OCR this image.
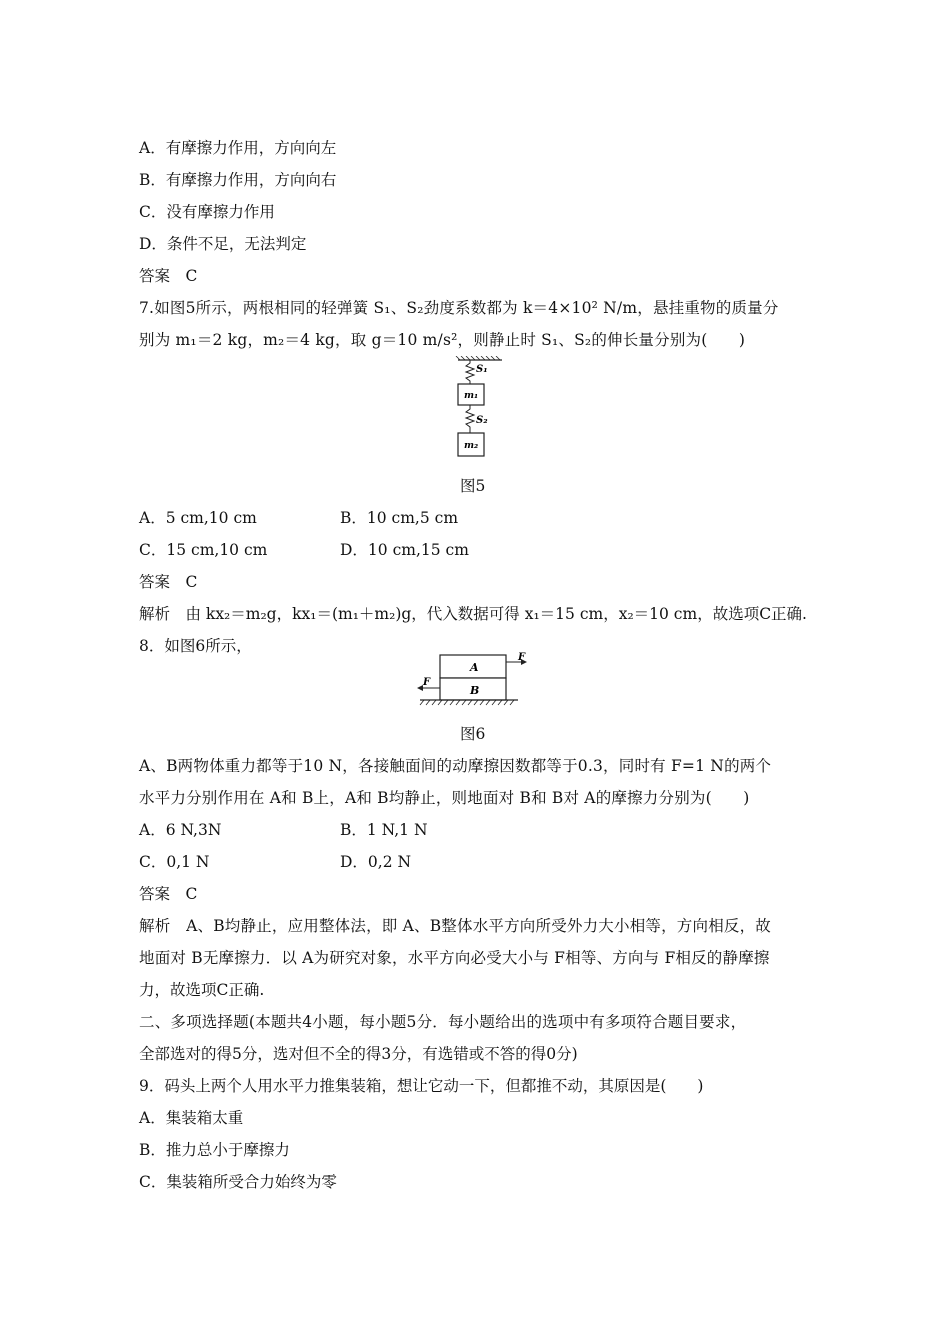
A．有摩擦力作用，方向向左
B．有摩擦力作用，方向向右
C．没有摩擦力作用
D．条件不足，无法判定
答案　C
7.如图5所示，两根相同的轻弹簧 S₁、S₂劲度系数都为 k＝4×10² N/m，悬挂重物的质量分
别为 m₁＝2 kg，m₂＝4 kg，取 g＝10 m/s²，则静止时 S₁、S₂的伸长量分别为(　　)
S₁
m₁
S₂
m₂
图5
A．5 cm,10 cm	B．10 cm,5 cm
C．15 cm,10 cm	D．10 cm,15 cm
答案　C
解析　由 kx₂＝m₂g，kx₁＝(m₁＋m₂)g，代入数据可得 x₁＝15 cm，x₂＝10 cm，故选项C正确.
8．如图6所示，
A
B
F
F
图6
A、B两物体重力都等于10 N，各接触面间的动摩擦因数都等于0.3，同时有 F=1 N的两个
水平力分别作用在 A和 B上，A和 B均静止，则地面对 B和 B对 A的摩擦力分别为(　　)
A．6 N,3N	B．1 N,1 N
C．0,1 N	D．0,2 N
答案　C
解析　A、B均静止，应用整体法，即 A、B整体水平方向所受外力大小相等，方向相反，故
地面对 B无摩擦力．以 A为研究对象，水平方向必受大小与 F相等、方向与 F相反的静摩擦
力，故选项C正确.
二、多项选择题(本题共4小题，每小题5分．每小题给出的选项中有多项符合题目要求，
全部选对的得5分，选对但不全的得3分，有选错或不答的得0分)
9．码头上两个人用水平力推集装箱，想让它动一下，但都推不动，其原因是(　　)
A．集装箱太重
B．推力总小于摩擦力
C．集装箱所受合力始终为零
